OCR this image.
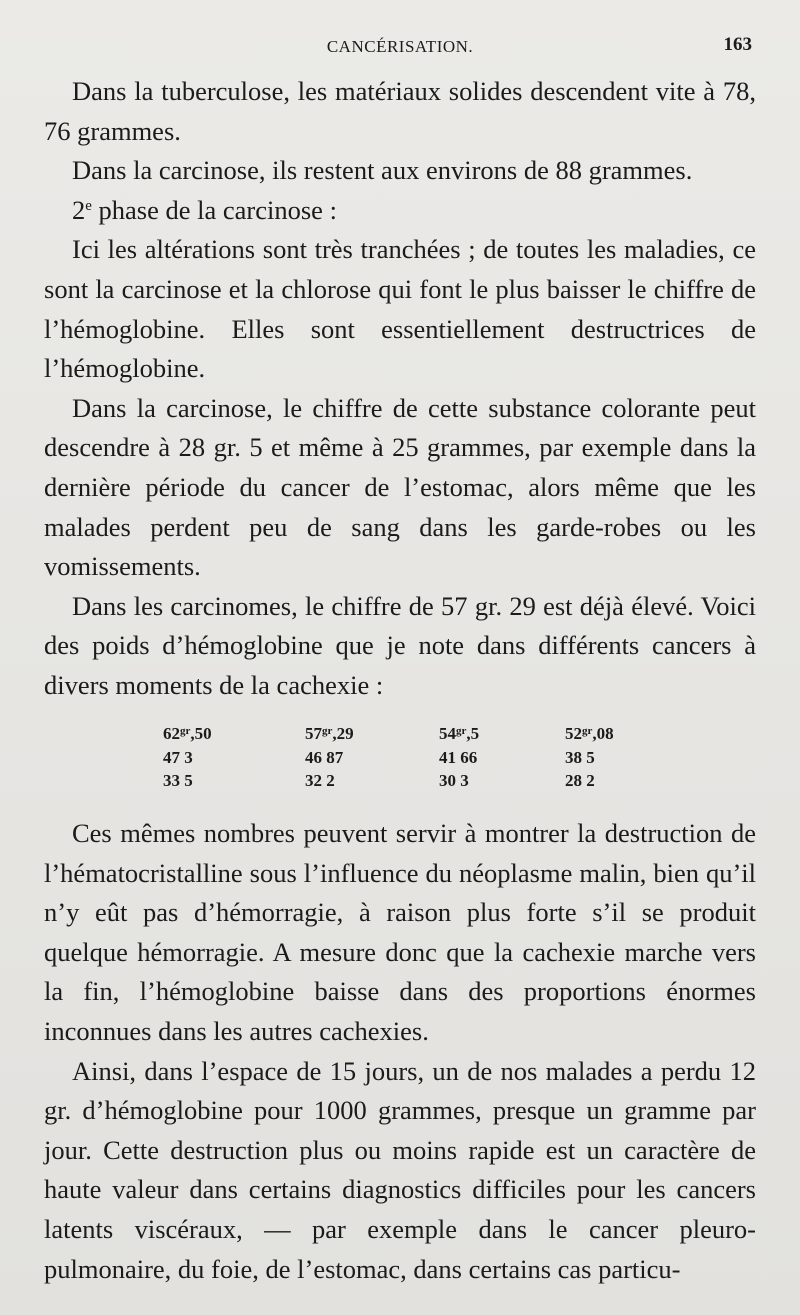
CANCÉRISATION.	163

Dans la tuberculose, les matériaux solides descendent vite à 78, 76 grammes.

Dans la carcinose, ils restent aux environs de 88 grammes.

2e phase de la carcinose :

Ici les altérations sont très tranchées ; de toutes les maladies, ce sont la carcinose et la chlorose qui font le plus baisser le chiffre de l’hémoglobine. Elles sont essentiellement destructrices de l’hémoglobine.

Dans la carcinose, le chiffre de cette substance colorante peut descendre à 28 gr. 5 et même à 25 grammes, par exemple dans la dernière période du cancer de l’estomac, alors même que les malades perdent peu de sang dans les garde-robes ou les vomissements.

Dans les carcinomes, le chiffre de 57 gr. 29 est déjà élevé. Voici des poids d’hémoglobine que je note dans différents cancers à divers moments de la cachexie :

$62^{gr},50$
47 3
33 5
$57^{gr},29$
46 87
32 2
$54^{gr},5$
41 66
30 3
$52^{gr},08$
38 5
28 2

Ces mêmes nombres peuvent servir à montrer la destruction de l’hématocristalline sous l’influence du néoplasme malin, bien qu’il n’y eût pas d’hémorragie, à raison plus forte s’il se produit quelque hémorragie. A mesure donc que la cachexie marche vers la fin, l’hémoglobine baisse dans des proportions énormes inconnues dans les autres cachexies.

Ainsi, dans l’espace de 15 jours, un de nos malades a perdu 12 gr. d’hémoglobine pour 1000 grammes, presque un gramme par jour. Cette destruction plus ou moins rapide est un caractère de haute valeur dans certains diagnostics difficiles pour les cancers latents viscéraux, — par exemple dans le cancer pleuro-pulmonaire, du foie, de l’estomac, dans certains cas particu-
